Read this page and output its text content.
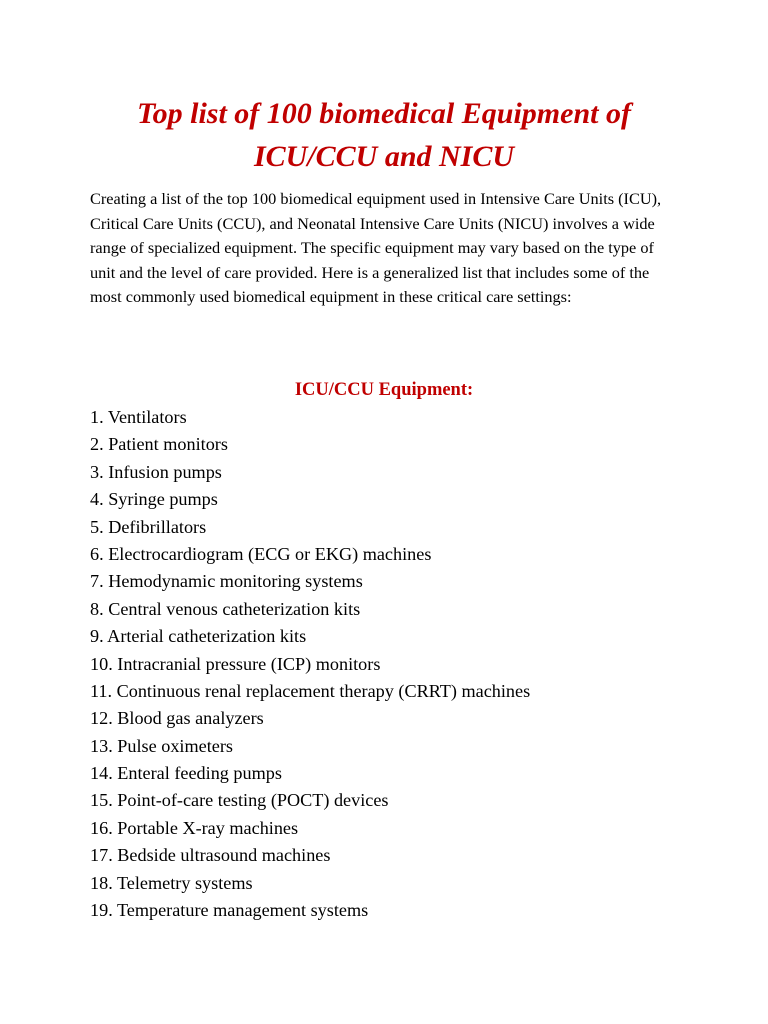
Top list of 100 biomedical Equipment of
ICU/CCU and NICU

Creating a list of the top 100 biomedical equipment used in Intensive Care Units (ICU), Critical Care Units (CCU), and Neonatal Intensive Care Units (NICU) involves a wide range of specialized equipment. The specific equipment may vary based on the type of unit and the level of care provided. Here is a generalized list that includes some of the most commonly used biomedical equipment in these critical care settings:

ICU/CCU Equipment:
1. Ventilators
2. Patient monitors
3. Infusion pumps
4. Syringe pumps
5. Defibrillators
6. Electrocardiogram (ECG or EKG) machines
7. Hemodynamic monitoring systems
8. Central venous catheterization kits
9. Arterial catheterization kits
10. Intracranial pressure (ICP) monitors
11. Continuous renal replacement therapy (CRRT) machines
12. Blood gas analyzers
13. Pulse oximeters
14. Enteral feeding pumps
15. Point-of-care testing (POCT) devices
16. Portable X-ray machines
17. Bedside ultrasound machines
18. Telemetry systems
19. Temperature management systems
